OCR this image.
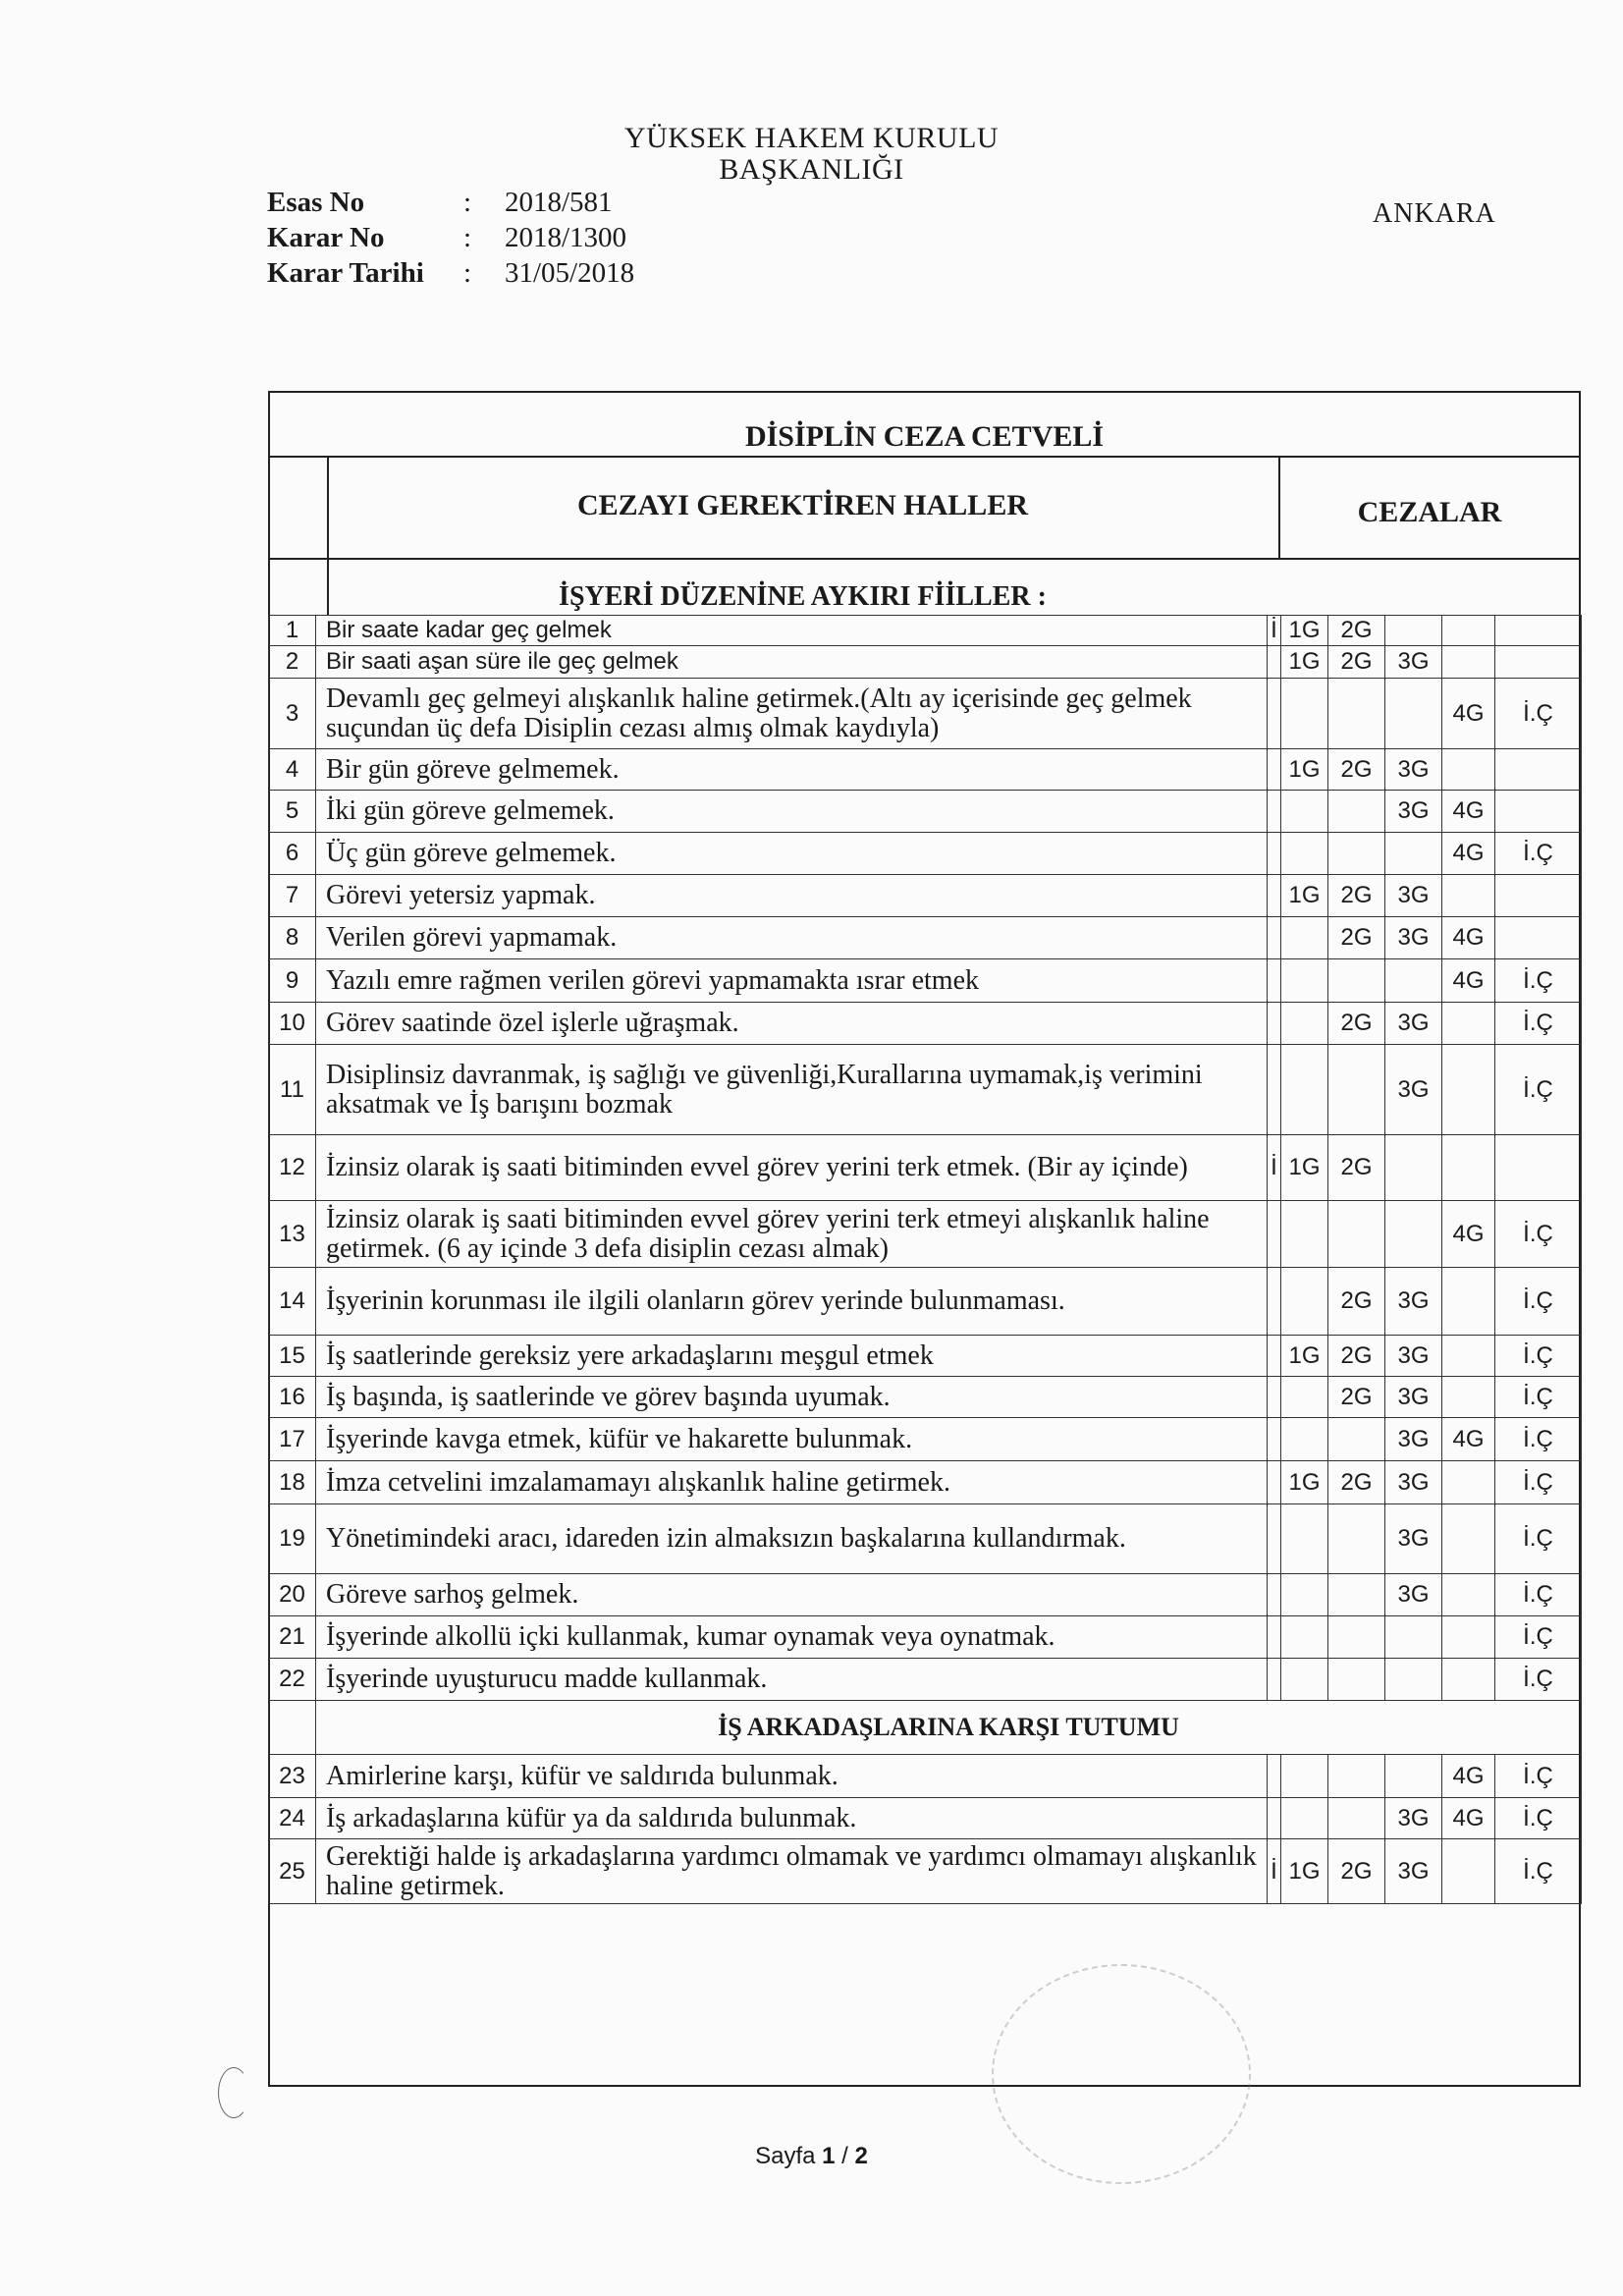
YÜKSEK HAKEM KURULU
BAŞKANLIĞI
ANKARA
Esas No	:	2018/581
Karar No	:	2018/1300
Karar Tarihi	:	31/05/2018
DİSİPLİN CEZA CETVELİ
CEZAYI GEREKTİREN HALLER	CEZALAR
İŞYERİ DÜZENİNE AYKIRI FİİLLER :
1	Bir saate kadar geç gelmek	İ	1G	2G			
2	Bir saati aşan süre ile geç gelmek		1G	2G	3G		
3	Devamlı geç gelmeyi alışkanlık haline getirmek.(Altı ay içerisinde geç gelmek suçundan üç defa Disiplin cezası almış olmak kaydıyla)					4G	İ.Ç
4	Bir gün göreve gelmemek.		1G	2G	3G		
5	İki gün göreve gelmemek.				3G	4G	
6	Üç gün göreve gelmemek.					4G	İ.Ç
7	Görevi yetersiz yapmak.		1G	2G	3G		
8	Verilen görevi yapmamak.			2G	3G	4G	
9	Yazılı emre rağmen verilen görevi yapmamakta ısrar etmek					4G	İ.Ç
10	Görev saatinde özel işlerle uğraşmak.			2G	3G		İ.Ç
11	Disiplinsiz davranmak, iş sağlığı ve güvenliği,Kurallarına uymamak,iş verimini aksatmak ve İş barışını bozmak				3G		İ.Ç
12	İzinsiz olarak iş saati bitiminden evvel görev yerini terk etmek. (Bir ay içinde)	İ	1G	2G			
13	İzinsiz olarak iş saati bitiminden evvel görev yerini terk etmeyi alışkanlık haline getirmek. (6 ay içinde 3 defa disiplin cezası almak)					4G	İ.Ç
14	İşyerinin korunması ile ilgili olanların görev yerinde bulunmaması.			2G	3G		İ.Ç
15	İş saatlerinde gereksiz yere arkadaşlarını meşgul etmek		1G	2G	3G		İ.Ç
16	İş başında, iş saatlerinde ve görev başında uyumak.			2G	3G		İ.Ç
17	İşyerinde kavga etmek, küfür ve hakarette bulunmak.				3G	4G	İ.Ç
18	İmza cetvelini imzalamamayı alışkanlık haline getirmek.		1G	2G	3G		İ.Ç
19	Yönetimindeki aracı, idareden izin almaksızın başkalarına kullandırmak.				3G		İ.Ç
20	Göreve sarhoş gelmek.				3G		İ.Ç
21	İşyerinde alkollü içki kullanmak, kumar oynamak veya oynatmak.						İ.Ç
22	İşyerinde uyuşturucu madde kullanmak.						İ.Ç
	İŞ ARKADAŞLARINA KARŞI TUTUMU						
23	Amirlerine karşı, küfür ve saldırıda bulunmak.					4G	İ.Ç
24	İş arkadaşlarına küfür ya da saldırıda bulunmak.				3G	4G	İ.Ç
25	Gerektiği halde iş arkadaşlarına yardımcı olmamak ve yardımcı olmamayı alışkanlık haline getirmek.	İ	1G	2G	3G		İ.Ç
Sayfa 1 / 2
